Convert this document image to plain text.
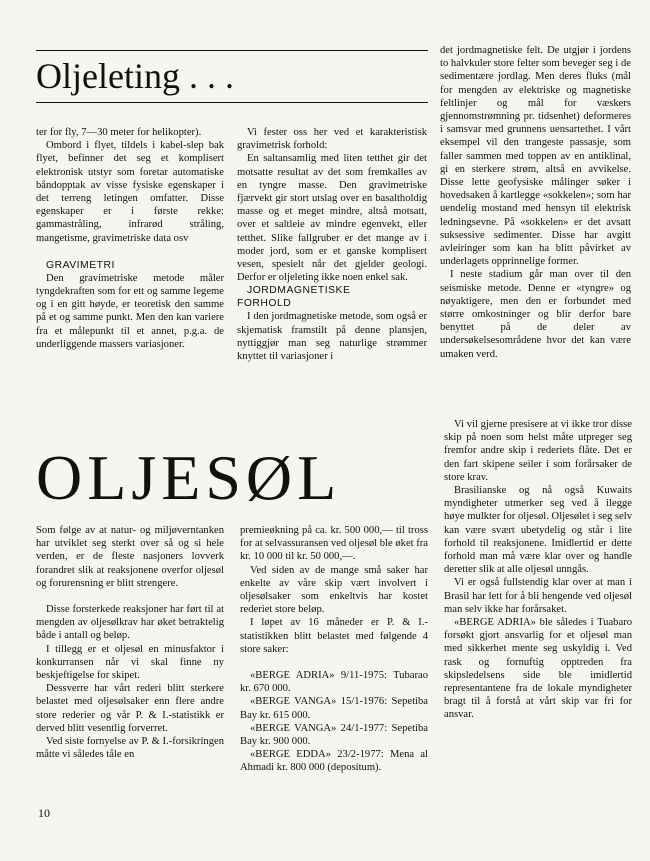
Oljeleting . . .

ter for fly, 7—30 meter for helikopter).

Ombord i flyet, tildels i kabel-slep bak flyet, befinner det seg et komplisert elektronisk utstyr som foretar automatiske båndopptak av visse fysiske egenskaper i det terreng letingen omfatter. Disse egenskaper er i første rekke: gammastråling, infrarød stråling, mangetisme, gravimetriske data osv

GRAVIMETRI

Den gravimetriske metode måler tyngdekraften som for ett og samme legeme og i en gitt høyde, er teoretisk den samme på et og samme punkt. Men den kan variere fra et målepunkt til et annet, p.g.a. de underliggende massers variasjoner.

Vi fester oss her ved et karakteristisk gravimetrisk forhold:

En saltansamlig med liten tetthet gir det motsatte resultat av det som fremkalles av en tyngre masse. Den gravimetriske fjærvekt gir stort utslag over en basaltholdig masse og et meget mindre, altså motsatt, over et saltleie av mindre egenvekt, eller tetthet. Slike fallgruber er det mange av i moder jord, som er et ganske komplisert vesen, spesielt når det gjelder geologi. Derfor er oljeleting ikke noen enkel sak.

JORDMAGNETISKE FORHOLD

I den jordmagnetiske metode, som også er skjematisk framstilt på denne plansjen, nyttiggjør man seg naturlige strømmer knyttet til variasjoner i

det jordmagnetiske felt. De utgjør i jordens to halvkuler store felter som beveger seg i de sedimentære jordlag. Men deres fluks (mål for mengden av elektriske og magnetiske feltlinjer og mål for væskers gjennomstrømning pr. tidsenhet) deformeres i samsvar med grunnens uensartethet. I vårt eksempel vil den trangeste passasje, som faller sammen med toppen av en antiklinal, gi en sterkere strøm, altså en avvikelse. Disse lette geofysiske målinger søker i hovedsaken å kartlegge «sokkelen»; som har uendelig mostand med hensyn til elektrisk ledningsevne. På «sokkelen» er det avsatt suksessive sedimenter. Disse har avgitt avleiringer som kan ha blitt påvirket av underlagets opprinnelige former.

I neste stadium går man over til den seismiske metode. Denne er «tyngre» og nøyaktigere, men den er forbundet med større omkostninger og blir derfor bare benyttet på de deler av undersøkelsesområdene hvor det kan være umaken verd.

OLJESØL

Som følge av at natur- og miljøverntanken har utviklet seg sterkt over så og si hele verden, er de fleste nasjoners lovverk forandret slik at reaksjonene overfor oljesøl og forurensning er blitt strengere.

Disse forsterkede reaksjoner har ført til at mengden av oljesølkrav har øket betraktelig både i antall og beløp.

I tillegg er et oljesøl en minusfaktor i konkurransen når vi skal finne ny beskjeftigelse for skipet.

Dessverre har vårt rederi blitt sterkere belastet med oljesølsaker enn flere andre store rederier og vår P. & I.-statistikk er derved blitt vesentlig forverret.

Ved siste fornyelse av P. & I.-forsikringen måtte vi således tåle en

premieøkning på ca. kr. 500 000,— til tross for at selvassuransen ved oljesøl ble øket fra kr. 10 000 til kr. 50 000,—.

Ved siden av de mange små saker har enkelte av våre skip vært involvert i oljesølsaker som enkeltvis har kostet rederiet store beløp.

I løpet av 16 måneder er P. & I.-statistikken blitt belastet med følgende 4 store saker:

«BERGE ADRIA» 9/11-1975: Tubarao kr. 670 000.

«BERGE VANGA» 15/1-1976: Sepetiba Bay kr. 615 000.

«BERGE VANGA» 24/1-1977: Sepetiba Bay kr. 900 000.

«BERGE EDDA» 23/2-1977: Mena al Ahmadi kr. 800 000 (deposítum).

Vi vil gjerne presisere at vi ikke tror disse skip på noen som helst måte utpreger seg fremfor andre skip i rederiets flåte. Det er den fart skipene seiler i som forårsaker de store krav.

Brasilianske og nå også Kuwaits myndigheter utmerker seg ved å ilegge høye mulkter for oljesøl. Oljesølet i seg selv kan være svært ubetydelig og står i lite forhold til reaksjonene. Imidlertid er dette forhold man må være klar over og handle deretter slik at alle oljesøl unngås.

Vi er også fullstendig klar over at man i Brasil har lett for å bli hengende ved oljesøl man selv ikke har forårsaket.

«BERGE ADRIA» ble således i Tuabaro forsøkt gjort ansvarlig for et oljesøl man med sikkerhet mente seg uskyldig i. Ved rask og fornuftig opptreden fra skipsledelsens side ble imidlertid representantene fra de lokale myndigheter bragt til å forstå at vårt skip var fri for ansvar.

10
